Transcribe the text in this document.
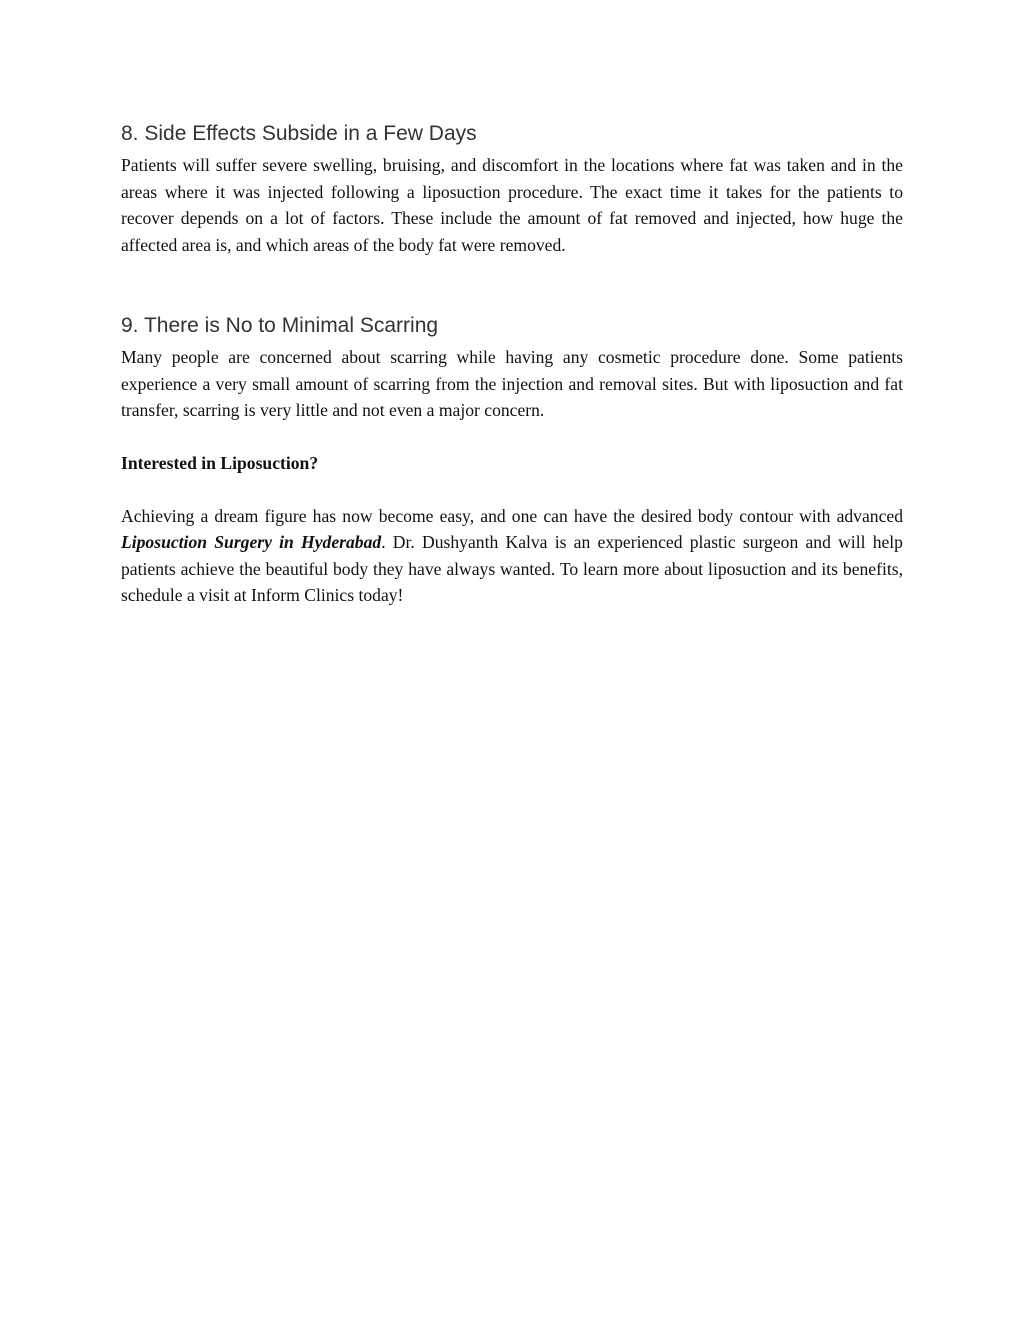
8. Side Effects Subside in a Few Days

Patients will suffer severe swelling, bruising, and discomfort in the locations where fat was taken and in the areas where it was injected following a liposuction procedure. The exact time it takes for the patients to recover depends on a lot of factors. These include the amount of fat removed and injected, how huge the affected area is, and which areas of the body fat were removed.

9. There is No to Minimal Scarring

Many people are concerned about scarring while having any cosmetic procedure done. Some patients experience a very small amount of scarring from the injection and removal sites. But with liposuction and fat transfer, scarring is very little and not even a major concern.

Interested in Liposuction?

Achieving a dream figure has now become easy, and one can have the desired body contour with advanced Liposuction Surgery in Hyderabad. Dr. Dushyanth Kalva is an experienced plastic surgeon and will help patients achieve the beautiful body they have always wanted. To learn more about liposuction and its benefits, schedule a visit at Inform Clinics today!
